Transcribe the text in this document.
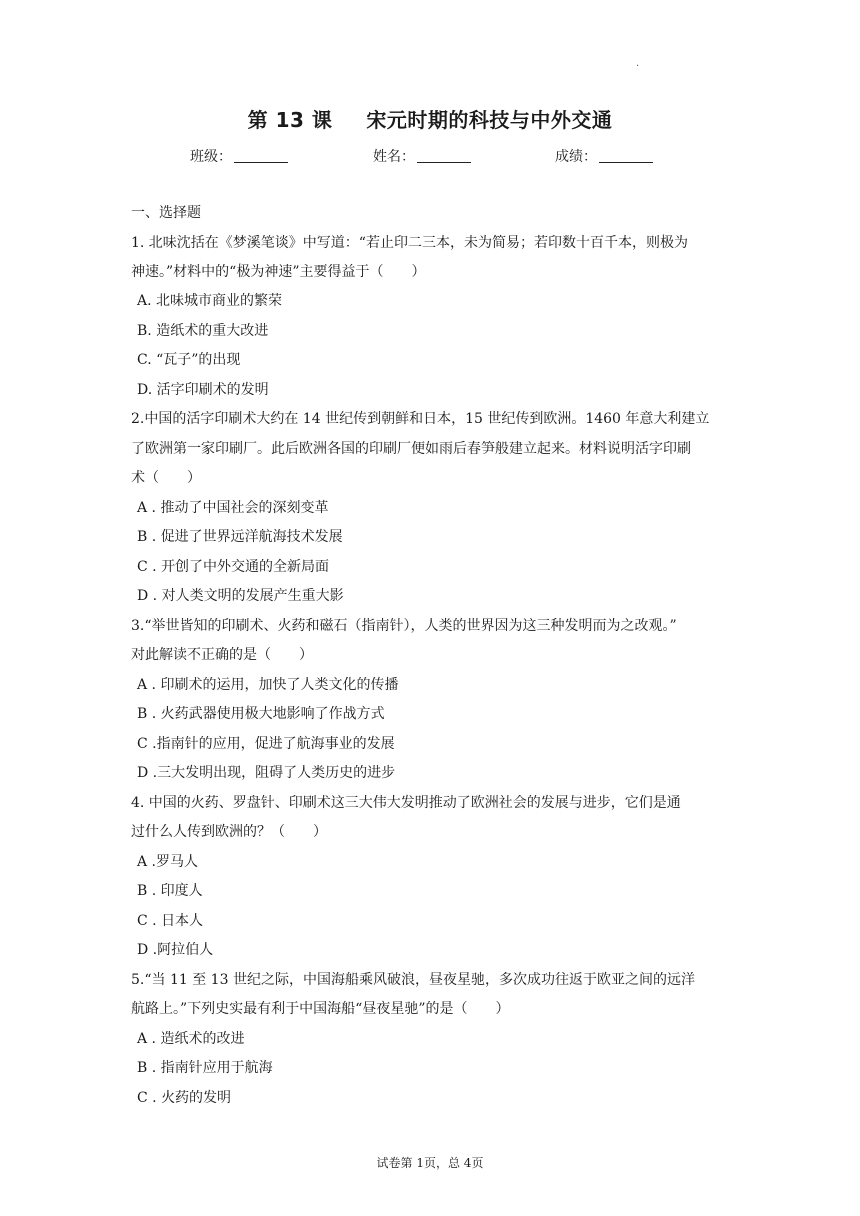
.
第 13 课 宋元时期的科技与中外交通
班级：	姓名：	成绩：
一、选择题
1. 北味沈括在《梦溪笔谈》中写道：“若止印二三本，未为简易；若印数十百千本，则极为
神速。”材料中的“极为神速”主要得益于（　　）
A. 北味城市商业的繁荣
B. 造纸术的重大改进
C. “瓦子”的出现
D. 活字印刷术的发明
2.中国的活字印刷术大约在 14 世纪传到朝鲜和日本，15 世纪传到欧洲。1460 年意大利建立
了欧洲第一家印刷厂。此后欧洲各国的印刷厂便如雨后春笋般建立起来。材料说明活字印刷
术（　　）
A . 推动了中国社会的深刻变革
B . 促进了世界远洋航海技术发展
C . 开创了中外交通的全新局面
D . 对人类文明的发展产生重大影
3.“举世皆知的印刷术、火药和磁石（指南针），人类的世界因为这三种发明而为之改观。”
对此解读不正确的是（　　）
A . 印刷术的运用，加快了人类文化的传播
B . 火药武器使用极大地影响了作战方式
C .指南针的应用，促进了航海事业的发展
D .三大发明出现，阻碍了人类历史的进步
4. 中国的火药、罗盘针、印刷术这三大伟大发明推动了欧洲社会的发展与进步，它们是通
过什么人传到欧洲的？（　　）
A .罗马人
B . 印度人
C . 日本人
D .阿拉伯人
5.“当 11 至 13 世纪之际，中国海船乘风破浪，昼夜星驰，多次成功往返于欧亚之间的远洋
航路上。”下列史实最有利于中国海船“昼夜星驰”的是（　　）
A . 造纸术的改进
B . 指南针应用于航海
C . 火药的发明
试卷第 1页，总 4页
